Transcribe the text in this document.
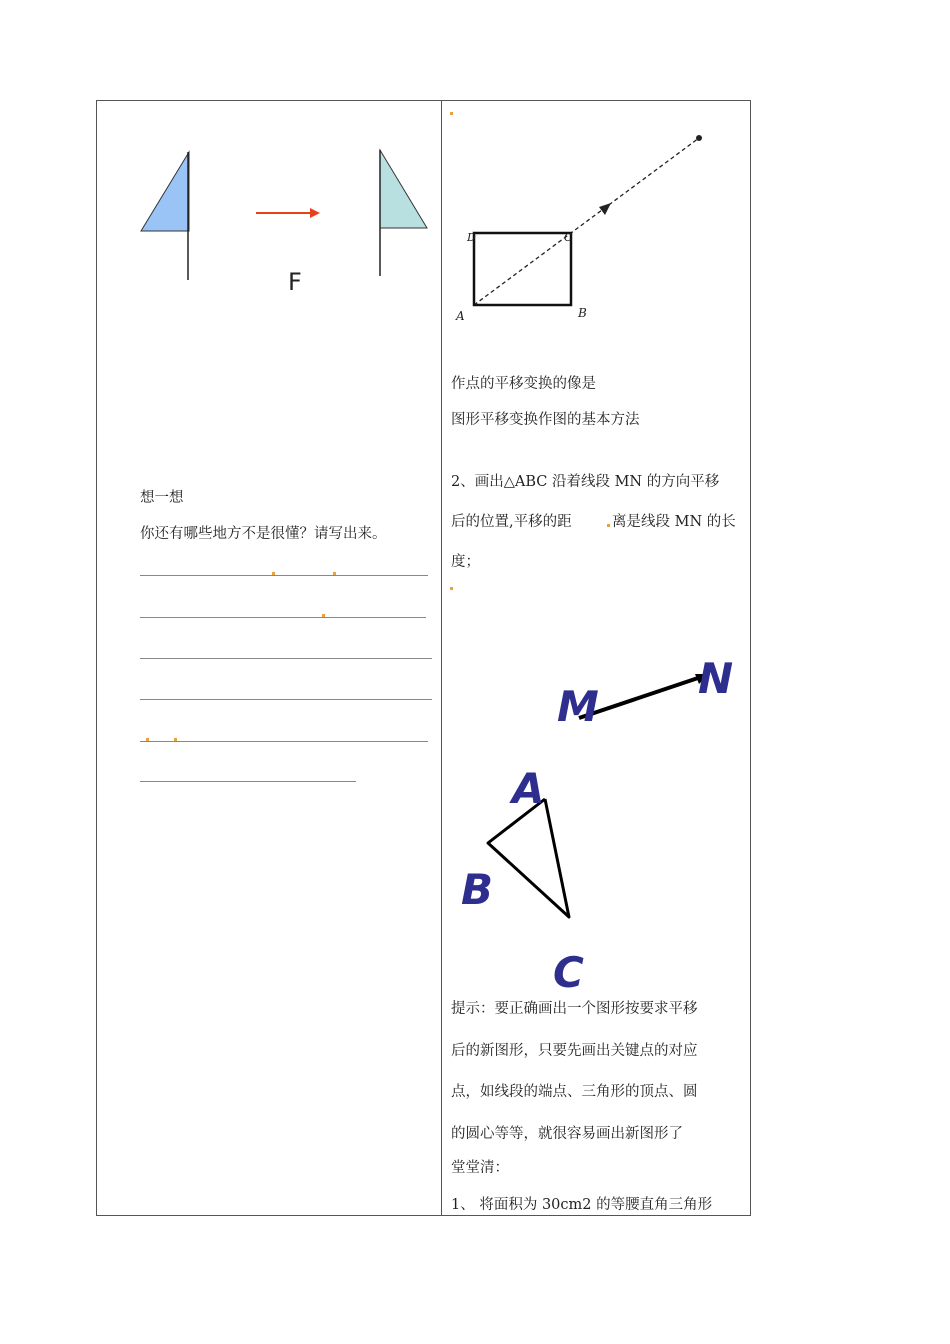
F
想一想
你还有哪些地方不是很懂？请写出来。
D	C
A	B
作点的平移变换的像是
图形平移变换作图的基本方法
2、画出△ABC 沿着线段 MN 的方向平移
后的位置,平移的距	离是线段 MN 的长
度；
M
N
A
B
C
提示：要正确画出一个图形按要求平移
后的新图形，只要先画出关键点的对应
点，如线段的端点、三角形的顶点、圆
的圆心等等，就很容易画出新图形了
堂堂清：
1、 将面积为 30cm2 的等腰直角三角形
